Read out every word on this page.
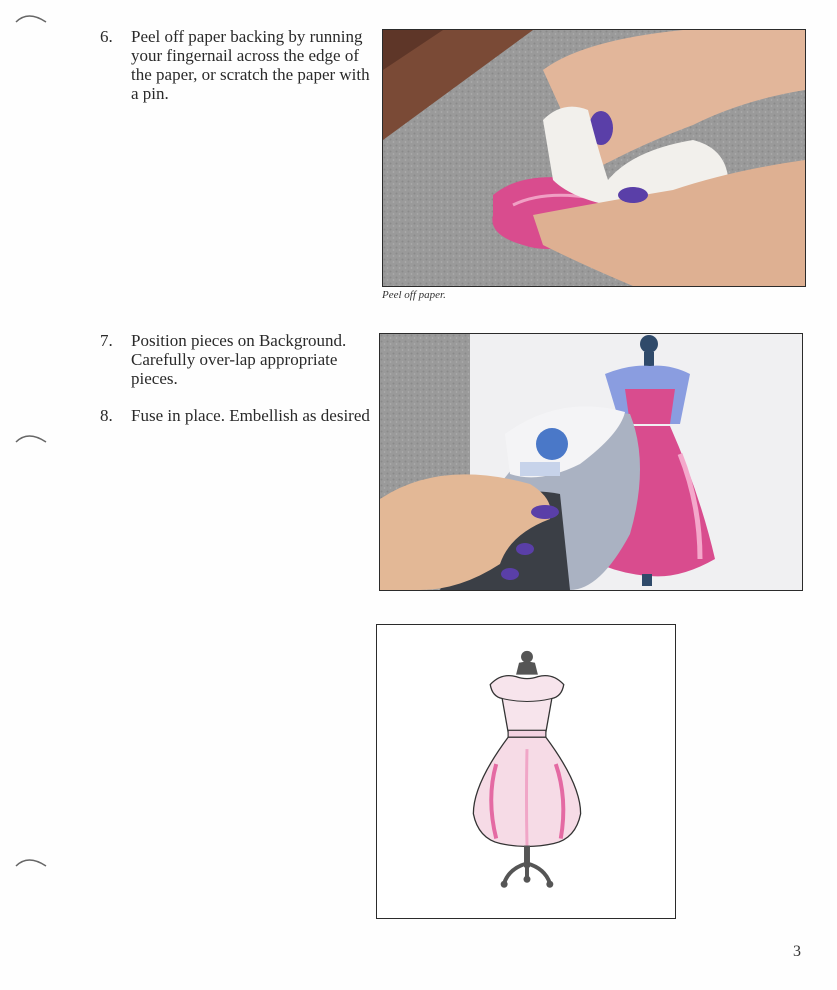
6.	Peel off paper backing by running your fingernail across the edge of the paper, or scratch the paper with a pin.
Peel off paper.
7.	Position pieces on Background. Carefully over-lap appropriate pieces.
8.	Fuse in place. Embellish as desired
3
